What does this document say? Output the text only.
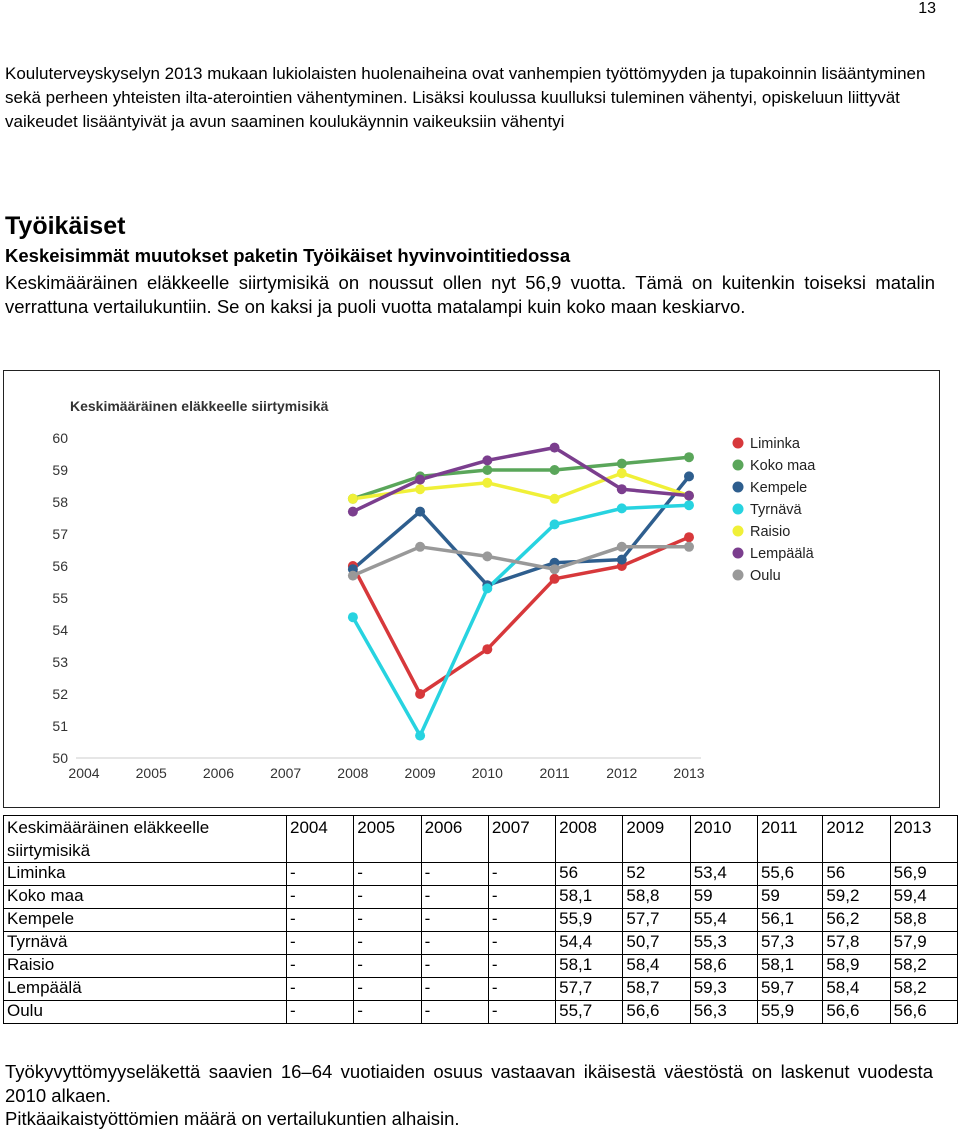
13

Kouluterveyskyselyn 2013 mukaan lukiolaisten huolenaiheina ovat vanhempien työttömyyden ja tupakoinnin lisääntyminen sekä perheen yhteisten ilta-aterointien vähentyminen. Lisäksi koulussa kuulluksi tuleminen vähentyi, opiskeluun liittyvät vaikeudet lisääntyivät ja avun saaminen koulukäynnin vaikeuksiin vähentyi

Työikäiset
Keskeisimmät muutokset paketin Työikäiset hyvinvointitiedossa

Keskimääräinen eläkkeelle siirtymisikä on noussut ollen nyt 56,9 vuotta. Tämä on kuitenkin toiseksi matalin verrattuna vertailukuntiin. Se on kaksi ja puoli vuotta matalampi kuin koko maan keskiarvo.

Keskimääräinen eläkkeelle siirtymisikä
50
51
52
53
54
55
56
57
58
59
60
2004	2005	2006	2007	2008	2009	2010	2011	2012	2013
Liminka
Koko maa
Kempele
Tyrnävä
Raisio
Lempäälä
Oulu
Keskimääräinen eläkkeelle siirtymisikä	2004	2005	2006	2007	2008	2009	2010	2011	2012	2013
Liminka	-	-	-	-	56	52	53,4	55,6	56	56,9
Koko maa	-	-	-	-	58,1	58,8	59	59	59,2	59,4
Kempele	-	-	-	-	55,9	57,7	55,4	56,1	56,2	58,8
Tyrnävä	-	-	-	-	54,4	50,7	55,3	57,3	57,8	57,9
Raisio	-	-	-	-	58,1	58,4	58,6	58,1	58,9	58,2
Lempäälä	-	-	-	-	57,7	58,7	59,3	59,7	58,4	58,2
Oulu	-	-	-	-	55,7	56,6	56,3	55,9	56,6	56,6

Työkyvyttömyyseläkettä saavien 16–64 vuotiaiden osuus vastaavan ikäisestä väestöstä on laskenut vuodesta 2010 alkaen.

Pitkäaikaistyöttömien määrä on vertailukuntien alhaisin.
